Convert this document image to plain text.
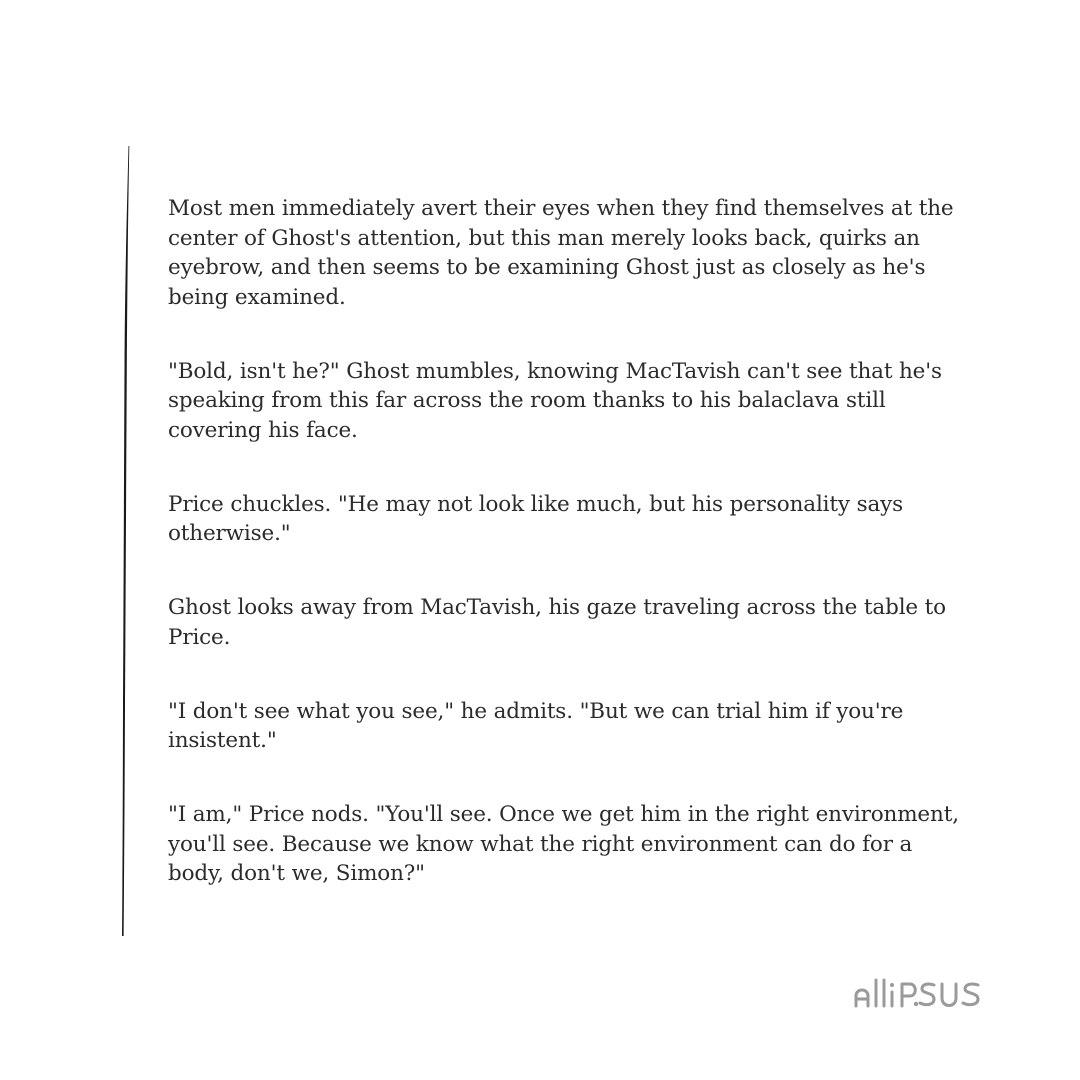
Most men immediately avert their eyes when they find themselves at the center of Ghost's attention, but this man merely looks back, quirks an eyebrow, and then seems to be examining Ghost just as closely as he's being examined.

"Bold, isn't he?" Ghost mumbles, knowing MacTavish can't see that he's speaking from this far across the room thanks to his balaclava still covering his face.

Price chuckles. "He may not look like much, but his personality says otherwise."

Ghost looks away from MacTavish, his gaze traveling across the table to Price.

"I don't see what you see," he admits. "But we can trial him if you're insistent."

"I am," Price nods. "You'll see. Once we get him in the right environment, you'll see. Because we know what the right environment can do for a body, don't we, Simon?"
